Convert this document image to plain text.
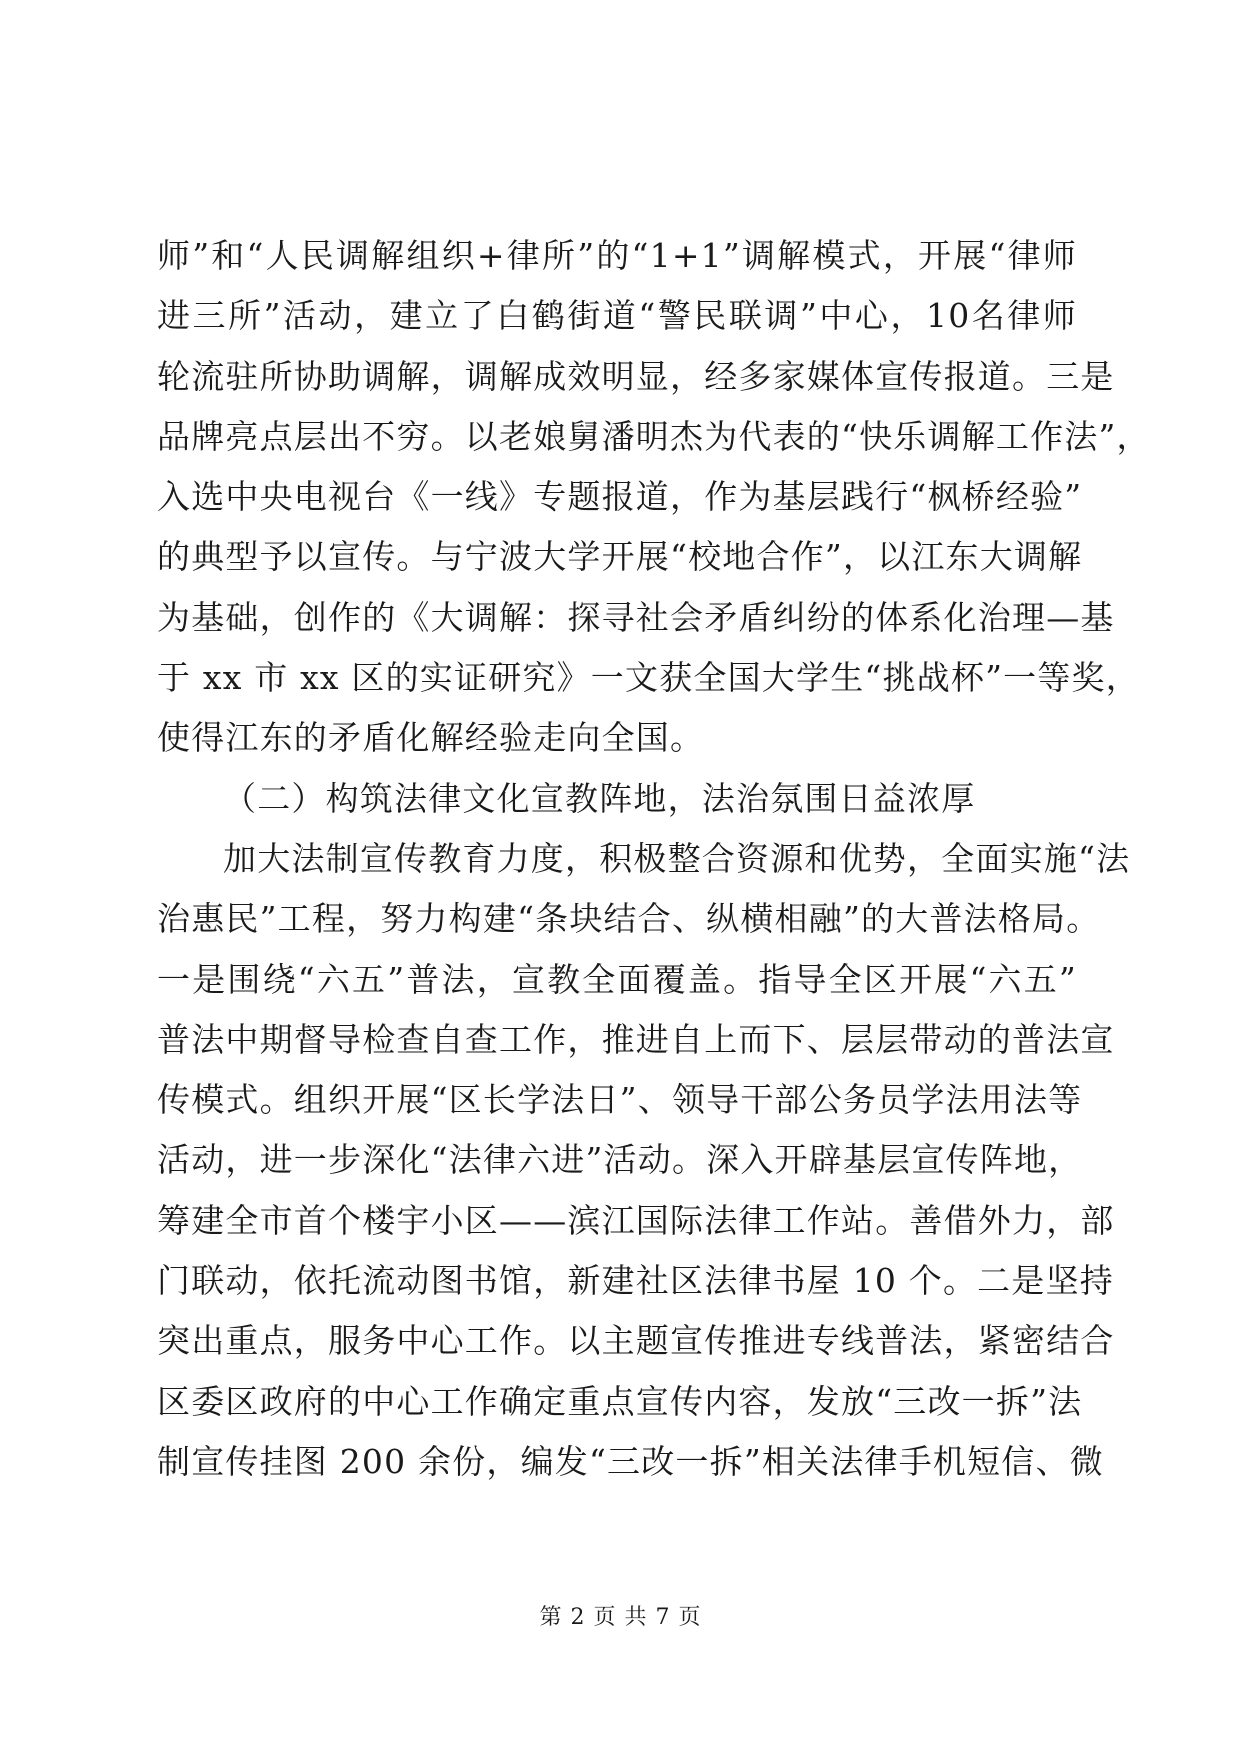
师”和“人民调解组织+律所”的“1+1”调解模式，开展“律师
进三所”活动，建立了白鹤街道“警民联调”中心，10名律师
轮流驻所协助调解，调解成效明显，经多家媒体宣传报道。三是
品牌亮点层出不穷。以老娘舅潘明杰为代表的“快乐调解工作法”，
入选中央电视台《一线》专题报道，作为基层践行“枫桥经验”
的典型予以宣传。与宁波大学开展“校地合作”，以江东大调解
为基础，创作的《大调解：探寻社会矛盾纠纷的体系化治理—基
于 xx 市 xx 区的实证研究》一文获全国大学生“挑战杯”一等奖，
使得江东的矛盾化解经验走向全国。
（二）构筑法律文化宣教阵地，法治氛围日益浓厚
加大法制宣传教育力度，积极整合资源和优势，全面实施“法
治惠民”工程，努力构建“条块结合、纵横相融”的大普法格局。
一是围绕“六五”普法，宣教全面覆盖。指导全区开展“六五”
普法中期督导检查自查工作，推进自上而下、层层带动的普法宣
传模式。组织开展“区长学法日”、领导干部公务员学法用法等
活动，进一步深化“法律六进”活动。深入开辟基层宣传阵地，
筹建全市首个楼宇小区——滨江国际法律工作站。善借外力，部
门联动，依托流动图书馆，新建社区法律书屋 10 个。二是坚持
突出重点，服务中心工作。以主题宣传推进专线普法，紧密结合
区委区政府的中心工作确定重点宣传内容，发放“三改一拆”法
制宣传挂图 200 余份，编发“三改一拆”相关法律手机短信、微
第 2 页 共 7 页
